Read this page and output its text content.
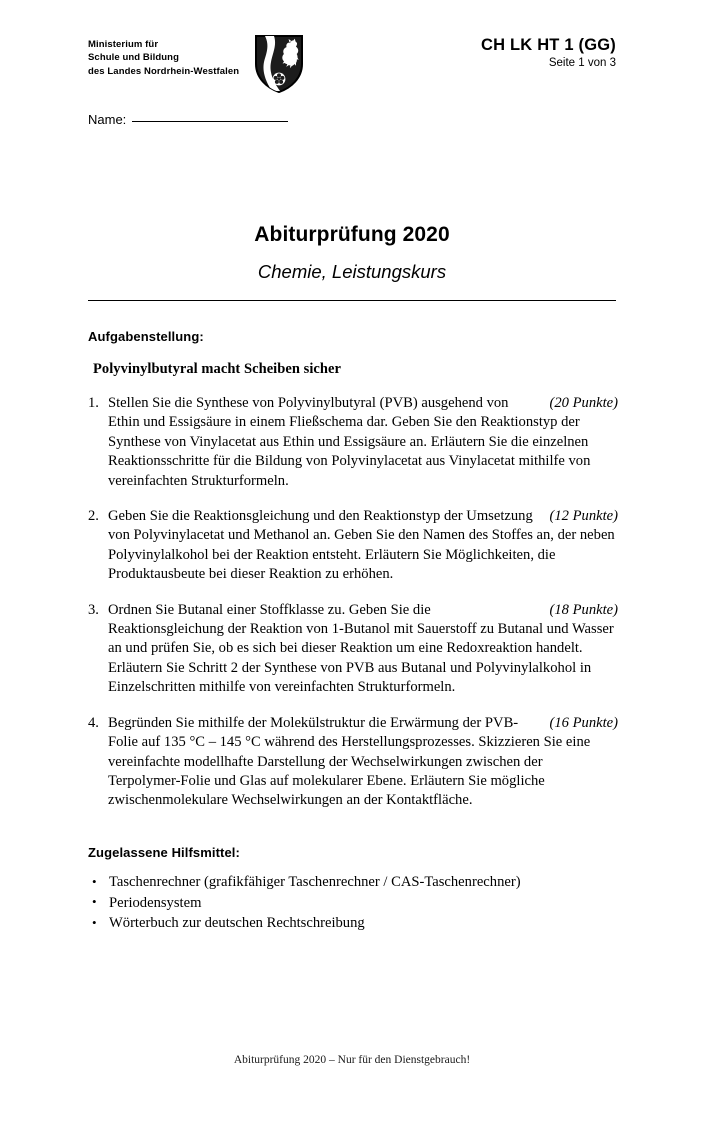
Ministerium für
Schule und Bildung
des Landes Nordrhein-Westfalen
CH LK HT 1 (GG)
Seite 1 von 3
Name:
Abiturprüfung 2020
Chemie, Leistungskurs
Aufgabenstellung:
Polyvinylbutyral macht Scheiben sicher
1.	(20 Punkte)
Stellen Sie die Synthese von Polyvinylbutyral (PVB) ausgehend von Ethin und Essigsäure in einem Fließschema dar. Geben Sie den Reaktionstyp der Synthese von Vinylacetat aus Ethin und Essigsäure an. Erläutern Sie die einzelnen Reaktionsschritte für die Bildung von Polyvinylacetat aus Vinylacetat mithilfe von vereinfachten Strukturformeln.
2.	(12 Punkte)
Geben Sie die Reaktionsgleichung und den Reaktionstyp der Umsetzung von Polyvinylacetat und Methanol an. Geben Sie den Namen des Stoffes an, der neben Polyvinylalkohol bei der Reaktion entsteht. Erläutern Sie Möglichkeiten, die Produktausbeute bei dieser Reaktion zu erhöhen.
3.	(18 Punkte)
Ordnen Sie Butanal einer Stoffklasse zu. Geben Sie die Reaktionsgleichung der Reaktion von 1-Butanol mit Sauerstoff zu Butanal und Wasser an und prüfen Sie, ob es sich bei dieser Reaktion um eine Redoxreaktion handelt. Erläutern Sie Schritt 2 der Synthese von PVB aus Butanal und Polyvinylalkohol in Einzelschritten mithilfe von vereinfachten Strukturformeln.
4.	(16 Punkte)
Begründen Sie mithilfe der Molekülstruktur die Erwärmung der PVB-Folie auf 135 °C – 145 °C während des Herstellungsprozesses. Skizzieren Sie eine vereinfachte modellhafte Darstellung der Wechselwirkungen zwischen der Terpolymer-Folie und Glas auf molekularer Ebene. Erläutern Sie mögliche zwischenmolekulare Wechselwirkungen an der Kontaktfläche.
Zugelassene Hilfsmittel:
• Taschenrechner (grafikfähiger Taschenrechner / CAS-Taschenrechner)
• Periodensystem
• Wörterbuch zur deutschen Rechtschreibung
Abiturprüfung 2020 – Nur für den Dienstgebrauch!
